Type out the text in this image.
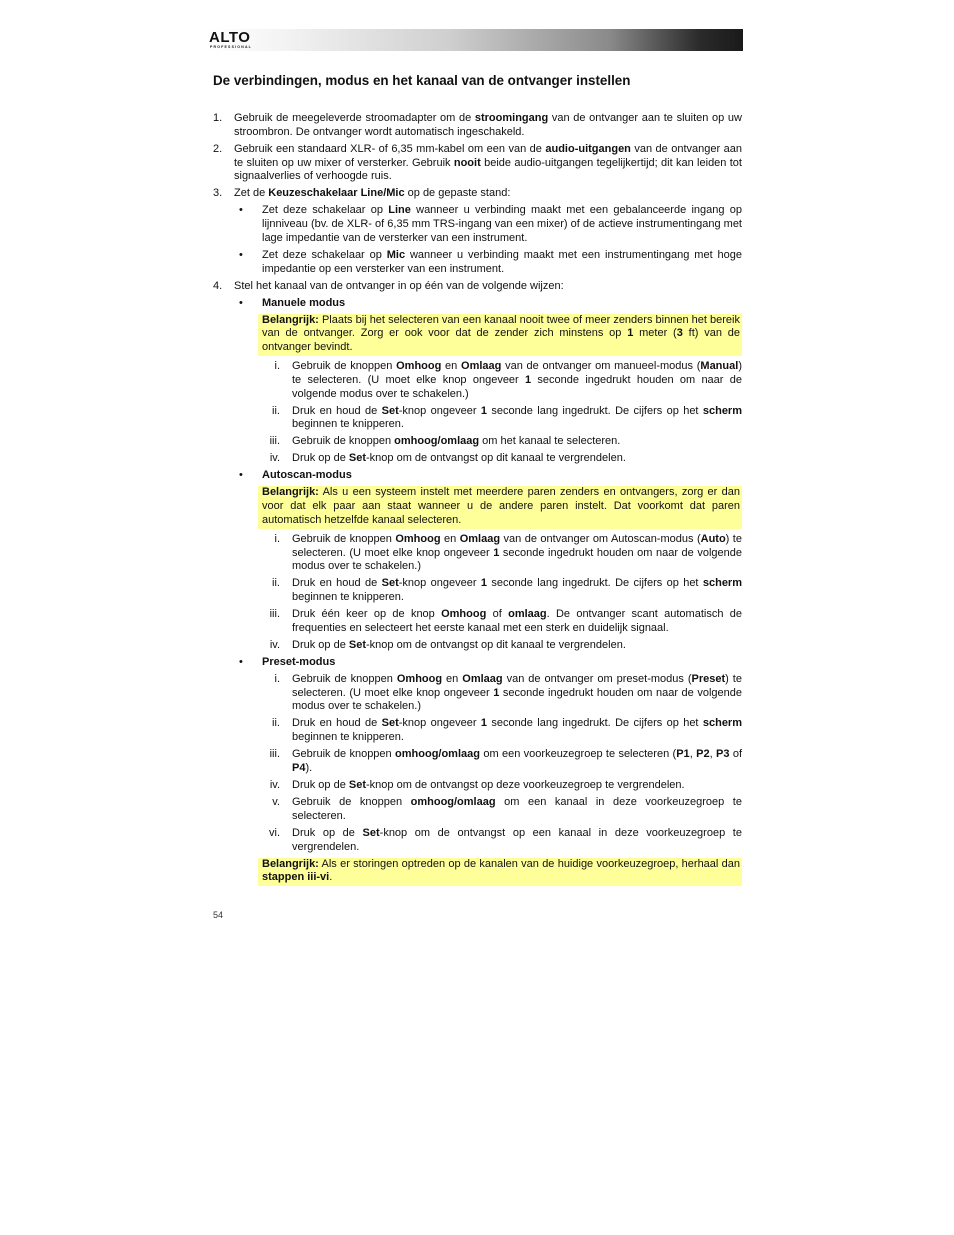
ALTO
PROFESSIONAL
De verbindingen, modus en het kanaal van de ontvanger instellen

1. Gebruik de meegeleverde stroomadapter om de stroomingang van de ontvanger aan te sluiten op uw stroombron. De ontvanger wordt automatisch ingeschakeld.

2. Gebruik een standaard XLR- of 6,35 mm-kabel om een van de audio-uitgangen van de ontvanger aan te sluiten op uw mixer of versterker. Gebruik nooit beide audio-uitgangen tegelijkertijd; dit kan leiden tot signaalverlies of verhoogde ruis.

3. Zet de Keuzeschakelaar Line/Mic op de gepaste stand:

• Zet deze schakelaar op Line wanneer u verbinding maakt met een gebalanceerde ingang op lijnniveau (bv. de XLR- of 6,35 mm TRS-ingang van een mixer) of de actieve instrumentingang met lage impedantie van de versterker van een instrument.

• Zet deze schakelaar op Mic wanneer u verbinding maakt met een instrumentingang met hoge impedantie op een versterker van een instrument.

4. Stel het kanaal van de ontvanger in op één van de volgende wijzen:

• Manuele modus

Belangrijk: Plaats bij het selecteren van een kanaal nooit twee of meer zenders binnen het bereik van de ontvanger. Zorg er ook voor dat de zender zich minstens op 1 meter (3 ft) van de ontvanger bevindt.

i. Gebruik de knoppen Omhoog en Omlaag van de ontvanger om manueel-modus (Manual) te selecteren. (U moet elke knop ongeveer 1 seconde ingedrukt houden om naar de volgende modus over te schakelen.)

ii. Druk en houd de Set-knop ongeveer 1 seconde lang ingedrukt. De cijfers op het scherm beginnen te knipperen.

iii. Gebruik de knoppen omhoog/omlaag om het kanaal te selecteren.

iv. Druk op de Set-knop om de ontvangst op dit kanaal te vergrendelen.

• Autoscan-modus

Belangrijk: Als u een systeem instelt met meerdere paren zenders en ontvangers, zorg er dan voor dat elk paar aan staat wanneer u de andere paren instelt. Dat voorkomt dat paren automatisch hetzelfde kanaal selecteren.

i. Gebruik de knoppen Omhoog en Omlaag van de ontvanger om Autoscan-modus (Auto) te selecteren. (U moet elke knop ongeveer 1 seconde ingedrukt houden om naar de volgende modus over te schakelen.)

ii. Druk en houd de Set-knop ongeveer 1 seconde lang ingedrukt. De cijfers op het scherm beginnen te knipperen.

iii. Druk één keer op de knop Omhoog of omlaag. De ontvanger scant automatisch de frequenties en selecteert het eerste kanaal met een sterk en duidelijk signaal.

iv. Druk op de Set-knop om de ontvangst op dit kanaal te vergrendelen.

• Preset-modus

i. Gebruik de knoppen Omhoog en Omlaag van de ontvanger om preset-modus (Preset) te selecteren. (U moet elke knop ongeveer 1 seconde ingedrukt houden om naar de volgende modus over te schakelen.)

ii. Druk en houd de Set-knop ongeveer 1 seconde lang ingedrukt. De cijfers op het scherm beginnen te knipperen.

iii. Gebruik de knoppen omhoog/omlaag om een voorkeuzegroep te selecteren (P1, P2, P3 of P4).

iv. Druk op de Set-knop om de ontvangst op deze voorkeuzegroep te vergrendelen.

v. Gebruik de knoppen omhoog/omlaag om een kanaal in deze voorkeuzegroep te selecteren.

vi. Druk op de Set-knop om de ontvangst op een kanaal in deze voorkeuzegroep te vergrendelen.

Belangrijk: Als er storingen optreden op de kanalen van de huidige voorkeuzegroep, herhaal dan stappen iii-vi.

54
